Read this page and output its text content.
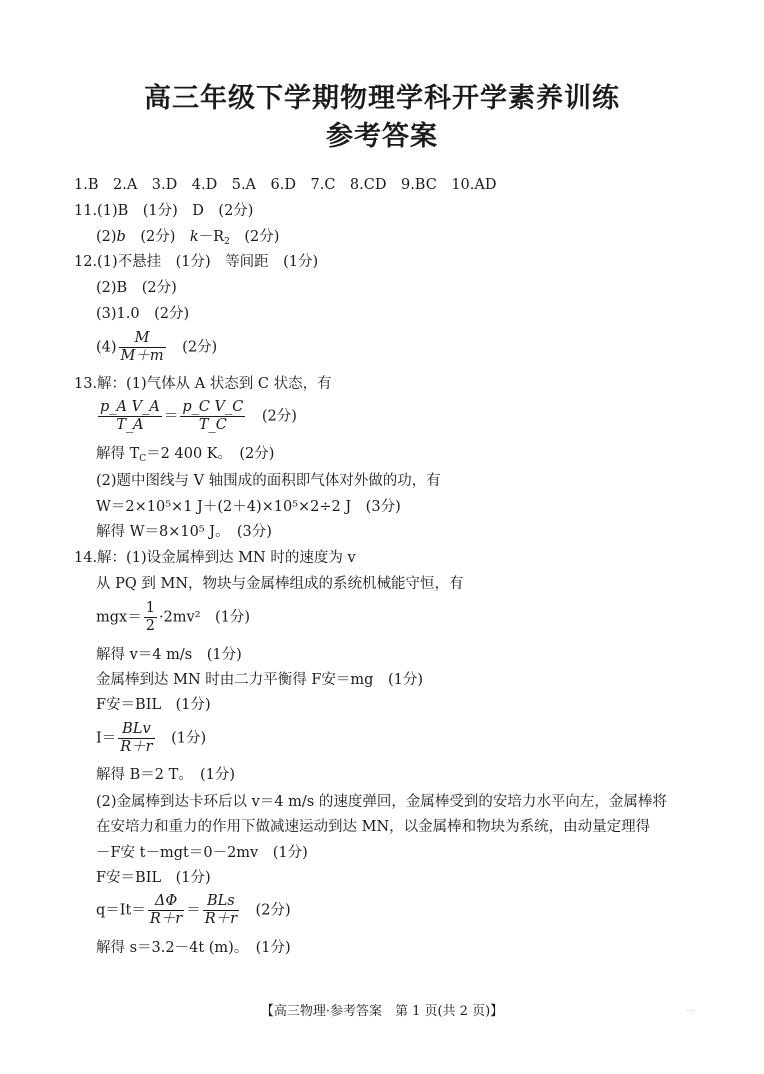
高三年级下学期物理学科开学素养训练
参考答案
1.B　2.A　3.D　4.D　5.A　6.D　7.C　8.CD　9.BC　10.AD
11.(1)B　(1分)　D　(2分)
(2)b　(2分)　$k-R_2$　(2分)
12.(1)不悬挂　(1分)　等间距　(1分)
(2)B　(2分)
(3)1.0　(2分)
$(4) \frac{M}{M+m}$ 　(2分)
13.解：(1)气体从 A 状态到 C 状态，有
$\frac{\text{p\_A V\_A}}{T\_A} = \frac{\text{p\_C V\_C}}{T\_C}$ 　(2分)
解得 $T_C=2$ 400 K。　(2分)
(2)题中图线与 V 轴围成的面积即气体对外做的功，有
W＝2×10⁵×1 J＋(2＋4)×10⁵×2÷2 J　(3分)
解得 W＝8×10⁵ J。　(3分)
14.解：(1)设金属棒到达 MN 时的速度为 v
从 PQ 到 MN，物块与金属棒组成的系统机械能守恒，有
$mgx= \frac{1}{2} \cdot 2mv^2$　(1分)
解得 v＝4 m/s　(1分)
金属棒到达 MN 时由二力平衡得 F安＝mg　(1分)
F安＝BIL　(1分)
$I= \frac{\text{BLv}}{R+r}$ 　(1分)
解得 B＝2 T。　(1分)
(2)金属棒到达卡环后以 v＝4 m/s 的速度弹回，金属棒受到的安培力水平向左，金属棒将
在安培力和重力的作用下做减速运动到达 MN，以金属棒和物块为系统，由动量定理得
－F安 t－mgt＝0－2mv　(1分)
F安＝BIL　(1分)
$q=It= \frac{\Delta\Phi}{R+r} = \frac{\text{BLs}}{R+r}$ 　(2分)
解得 s＝3.2－4t (m)。　(1分)
【高三物理·参考答案　第 1 页(共 2 页)】	...
